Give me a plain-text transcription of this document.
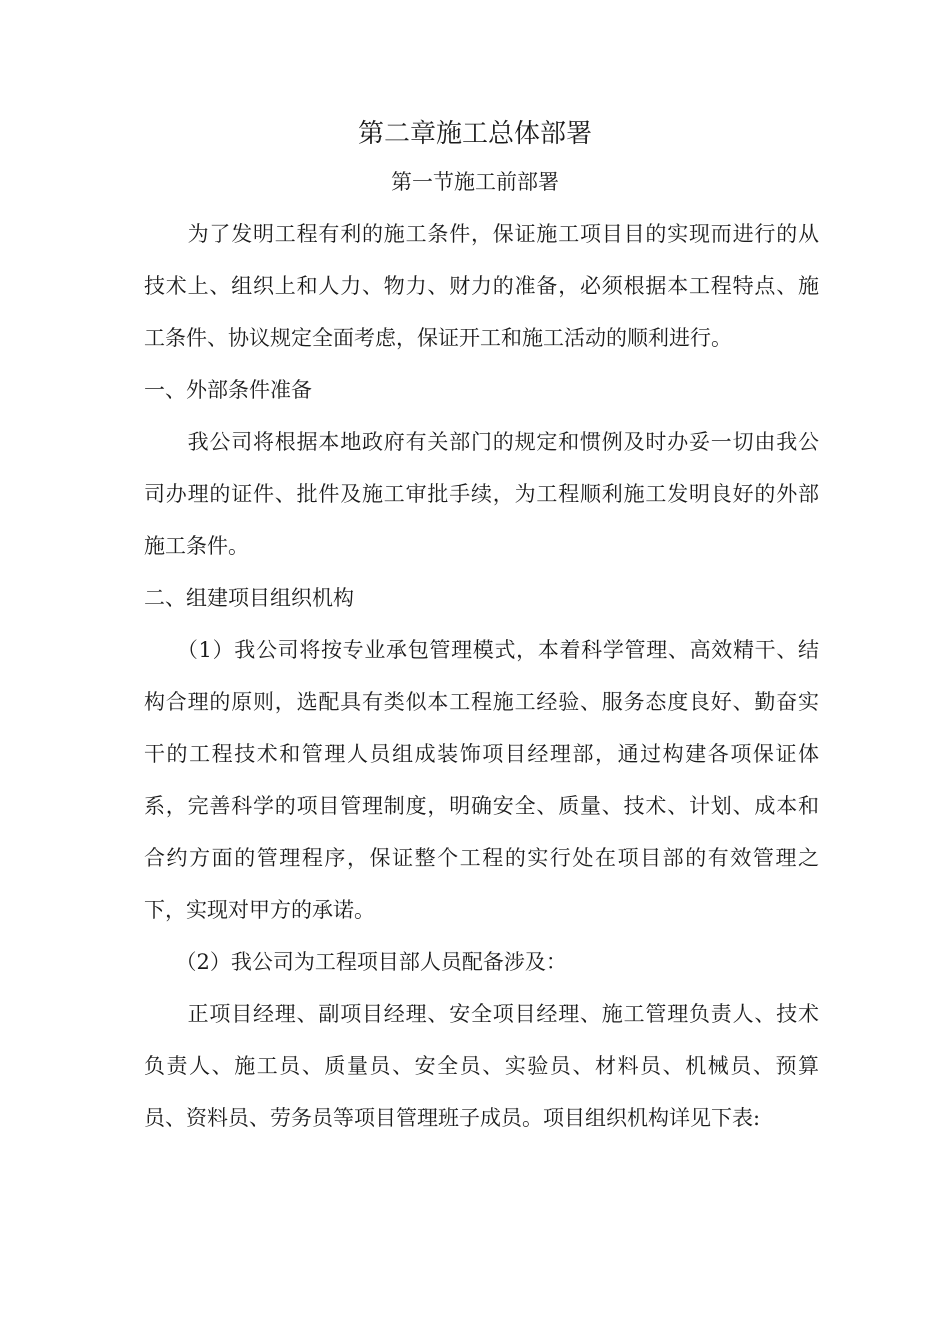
第二章施工总体部署
第一节施工前部署
　　为了发明工程有利的施工条件，保证施工项目目的实现而进行的从
技术上、组织上和人力、物力、财力的准备，必须根据本工程特点、施
工条件、协议规定全面考虑，保证开工和施工活动的顺利进行。
一、外部条件准备
　　我公司将根据本地政府有关部门的规定和惯例及时办妥一切由我公
司办理的证件、批件及施工审批手续，为工程顺利施工发明良好的外部
施工条件。
二、组建项目组织机构
　　（1）我公司将按专业承包管理模式，本着科学管理、高效精干、结
构合理的原则，选配具有类似本工程施工经验、服务态度良好、勤奋实
干的工程技术和管理人员组成装饰项目经理部，通过构建各项保证体
系，完善科学的项目管理制度，明确安全、质量、技术、计划、成本和
合约方面的管理程序，保证整个工程的实行处在项目部的有效管理之
下，实现对甲方的承诺。
　　（2）我公司为工程项目部人员配备涉及：
　　正项目经理、副项目经理、安全项目经理、施工管理负责人、技术
负责人、施工员、质量员、安全员、实验员、材料员、机械员、预算
员、资料员、劳务员等项目管理班子成员。项目组织机构详见下表:
